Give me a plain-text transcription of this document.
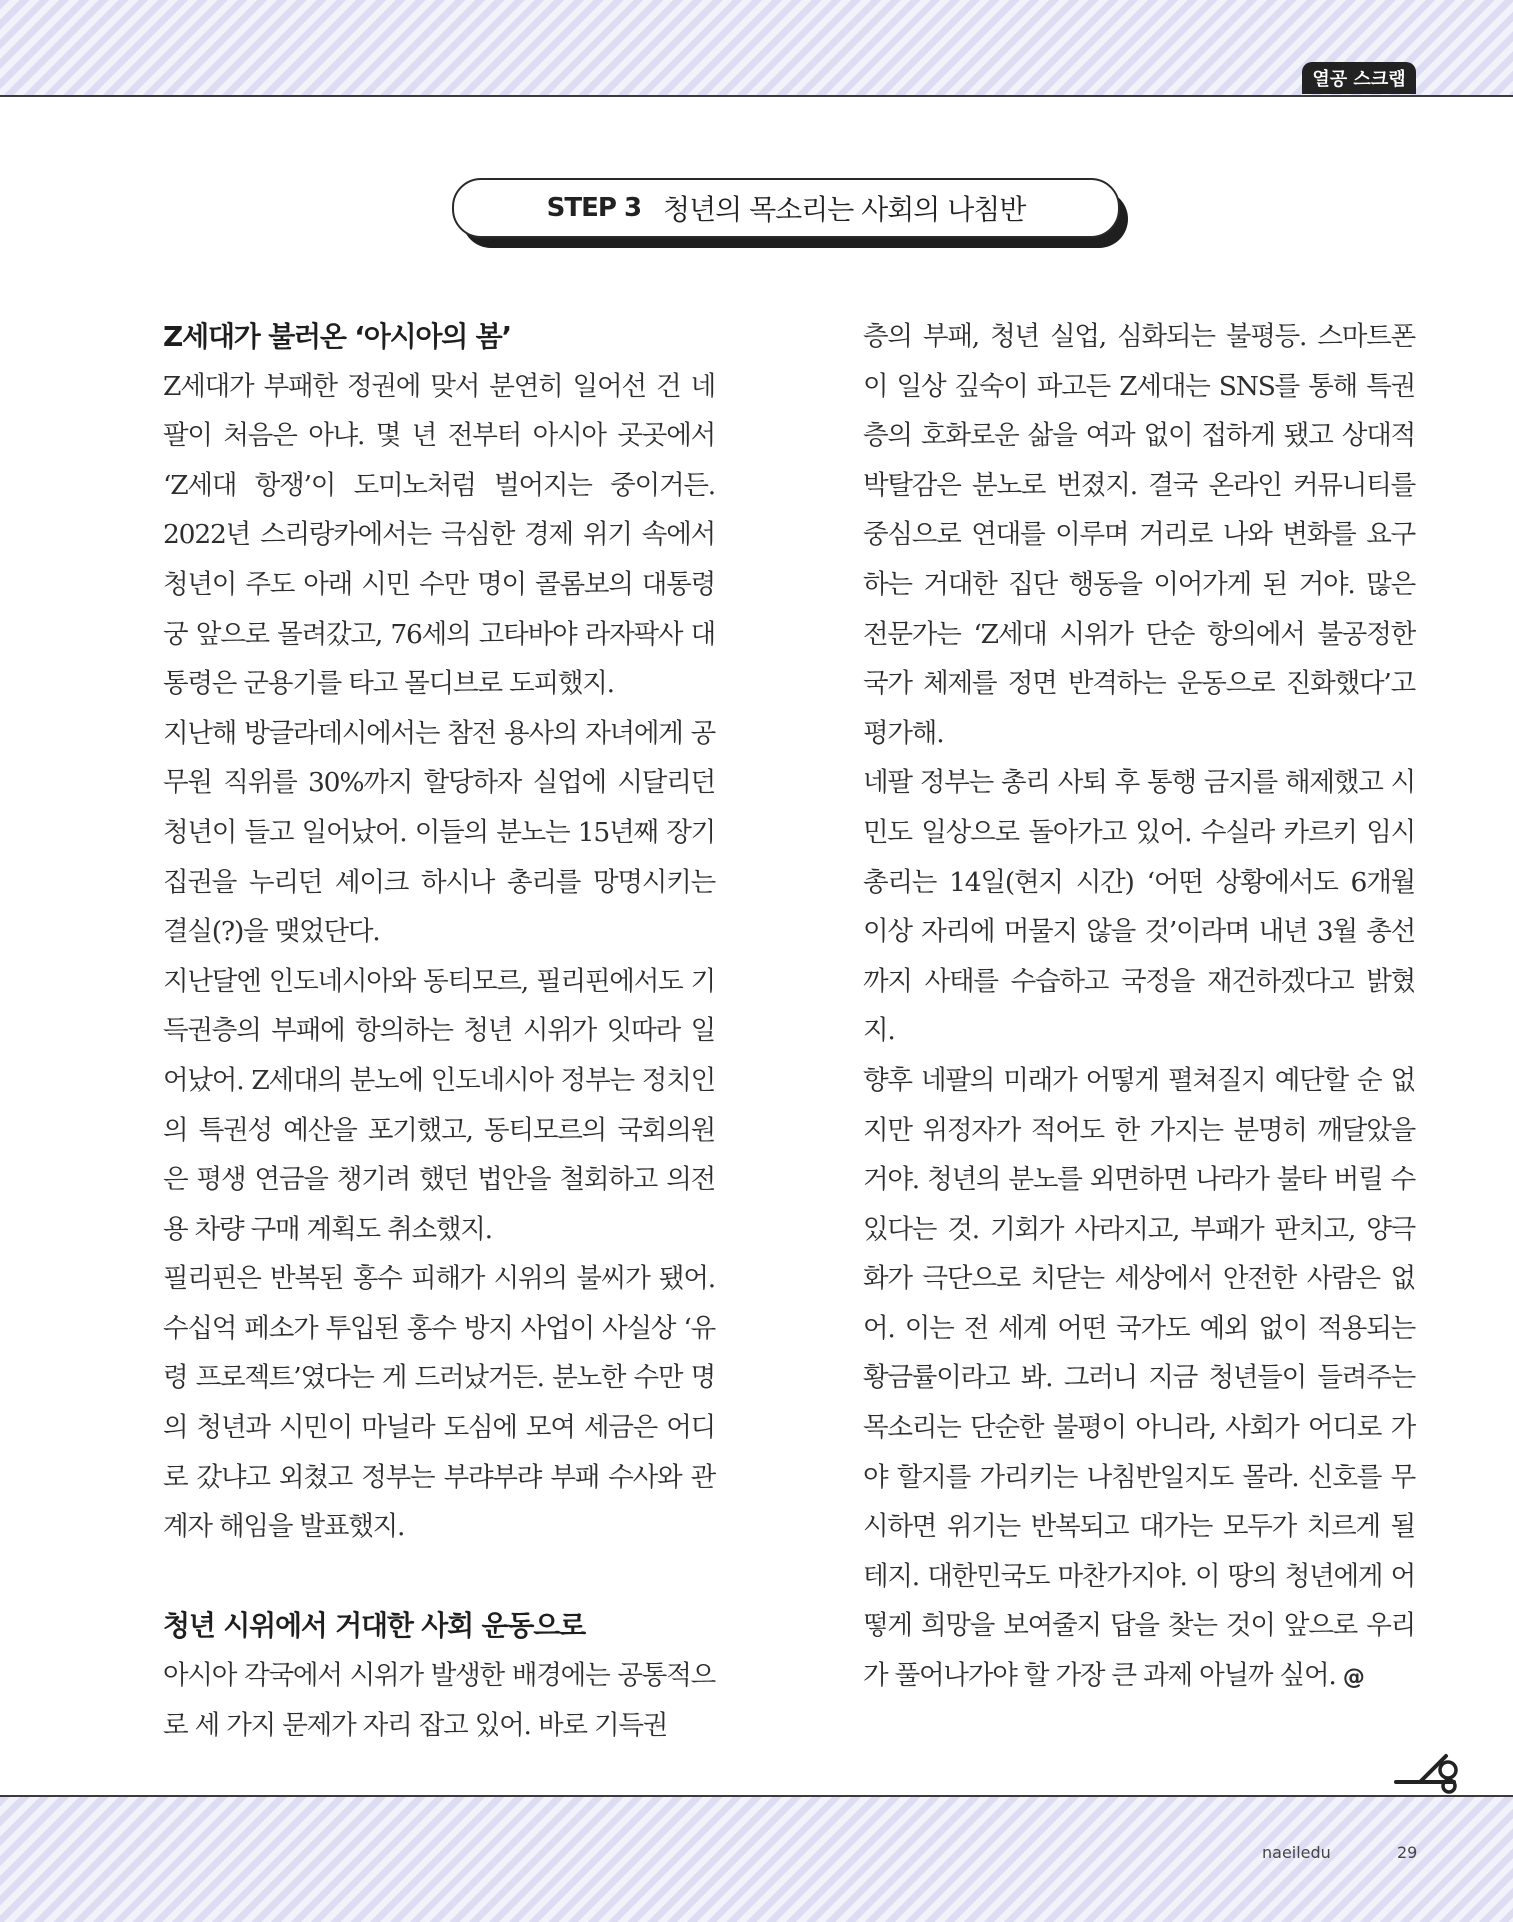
열공 스크랩
STEP 3 청년의 목소리는 사회의 나침반
Z세대가 불러온 ‘아시아의 봄’

Z세대가 부패한 정권에 맞서 분연히 일어선 건 네팔이 처음은 아냐. 몇 년 전부터 아시아 곳곳에서 ‘Z세대 항쟁’이 도미노처럼 벌어지는 중이거든. 2022년 스리랑카에서는 극심한 경제 위기 속에서 청년이 주도 아래 시민 수만 명이 콜롬보의 대통령궁 앞으로 몰려갔고, 76세의 고타바야 라자팍사 대통령은 군용기를 타고 몰디브로 도피했지.

지난해 방글라데시에서는 참전 용사의 자녀에게 공무원 직위를 30%까지 할당하자 실업에 시달리던 청년이 들고 일어났어. 이들의 분노는 15년째 장기 집권을 누리던 셰이크 하시나 총리를 망명시키는 결실(?)을 맺었단다.

지난달엔 인도네시아와 동티모르, 필리핀에서도 기득권층의 부패에 항의하는 청년 시위가 잇따라 일어났어. Z세대의 분노에 인도네시아 정부는 정치인의 특권성 예산을 포기했고, 동티모르의 국회의원은 평생 연금을 챙기려 했던 법안을 철회하고 의전용 차량 구매 계획도 취소했지.

필리핀은 반복된 홍수 피해가 시위의 불씨가 됐어. 수십억 페소가 투입된 홍수 방지 사업이 사실상 ‘유령 프로젝트’였다는 게 드러났거든. 분노한 수만 명의 청년과 시민이 마닐라 도심에 모여 세금은 어디로 갔냐고 외쳤고 정부는 부랴부랴 부패 수사와 관계자 해임을 발표했지.

청년 시위에서 거대한 사회 운동으로

아시아 각국에서 시위가 발생한 배경에는 공통적으로 세 가지 문제가 자리 잡고 있어. 바로 기득권

층의 부패, 청년 실업, 심화되는 불평등. 스마트폰이 일상 깊숙이 파고든 Z세대는 SNS를 통해 특권층의 호화로운 삶을 여과 없이 접하게 됐고 상대적 박탈감은 분노로 번졌지. 결국 온라인 커뮤니티를 중심으로 연대를 이루며 거리로 나와 변화를 요구하는 거대한 집단 행동을 이어가게 된 거야. 많은 전문가는 ‘Z세대 시위가 단순 항의에서 불공정한 국가 체제를 정면 반격하는 운동으로 진화했다’고 평가해.

네팔 정부는 총리 사퇴 후 통행 금지를 해제했고 시민도 일상으로 돌아가고 있어. 수실라 카르키 임시 총리는 14일(현지 시간) ‘어떤 상황에서도 6개월 이상 자리에 머물지 않을 것’이라며 내년 3월 총선까지 사태를 수습하고 국정을 재건하겠다고 밝혔지.

향후 네팔의 미래가 어떻게 펼쳐질지 예단할 순 없지만 위정자가 적어도 한 가지는 분명히 깨달았을 거야. 청년의 분노를 외면하면 나라가 불타 버릴 수 있다는 것. 기회가 사라지고, 부패가 판치고, 양극화가 극단으로 치닫는 세상에서 안전한 사람은 없어. 이는 전 세계 어떤 국가도 예외 없이 적용되는 황금률이라고 봐. 그러니 지금 청년들이 들려주는 목소리는 단순한 불평이 아니라, 사회가 어디로 가야 할지를 가리키는 나침반일지도 몰라. 신호를 무시하면 위기는 반복되고 대가는 모두가 치르게 될 테지. 대한민국도 마찬가지야. 이 땅의 청년에게 어떻게 희망을 보여줄지 답을 찾는 것이 앞으로 우리가 풀어나가야 할 가장 큰 과제 아닐까 싶어. @

naeiledu	29
